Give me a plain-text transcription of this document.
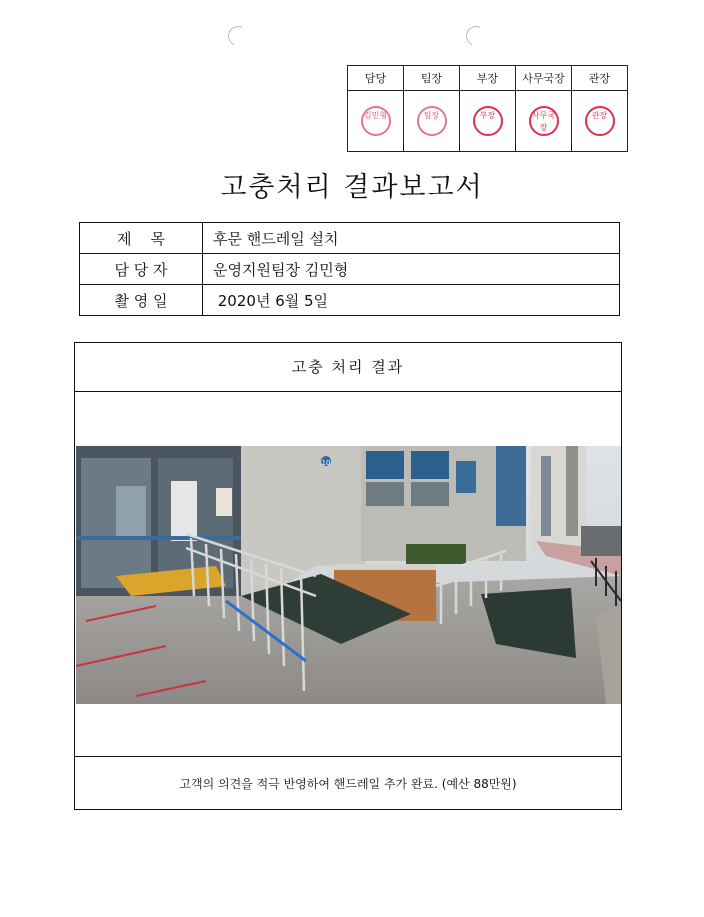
담당	팀장	부장	사무국장	관장
김민형	팀장	부장	사무국장	관장
고충처리 결과보고서
제    목	후문 핸드레일 설치
담 당 자	운영지원팀장 김민형
촬 영 일	2020년 6월 5일
고충 처리 결과
10
고객의 의견을 적극 반영하여 핸드레일 추가 완료. (예산 88만원)
